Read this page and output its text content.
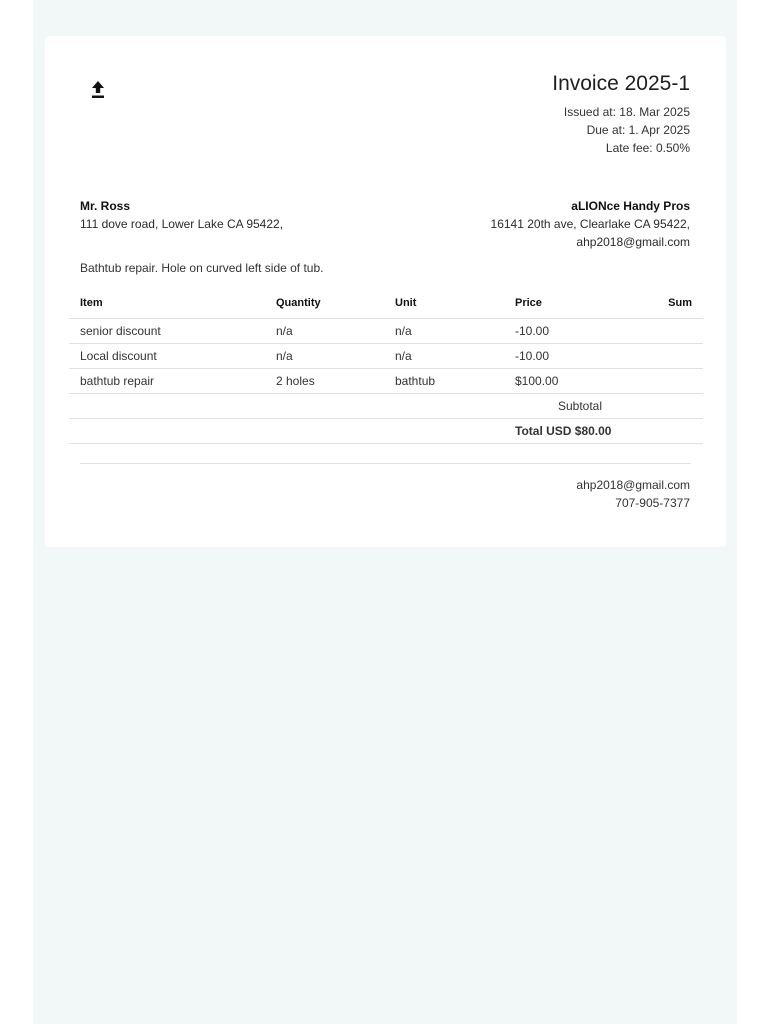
Invoice 2025-1
Issued at: 18. Mar 2025
Due at: 1. Apr 2025
Late fee: 0.50%
Mr. Ross
111 dove road, Lower Lake CA 95422,
aLIONce Handy Pros
16141 20th ave, Clearlake CA 95422,
ahp2018@gmail.com
Bathtub repair. Hole on curved left side of tub.
Item	Quantity	Unit	Price	Sum
senior discount	n/a	n/a	-10.00	
Local discount	n/a	n/a	-10.00	
bathtub repair	2 holes	bathtub	$100.00	
			Subtotal	
			Total USD $80.00	
ahp2018@gmail.com
707-905-7377
